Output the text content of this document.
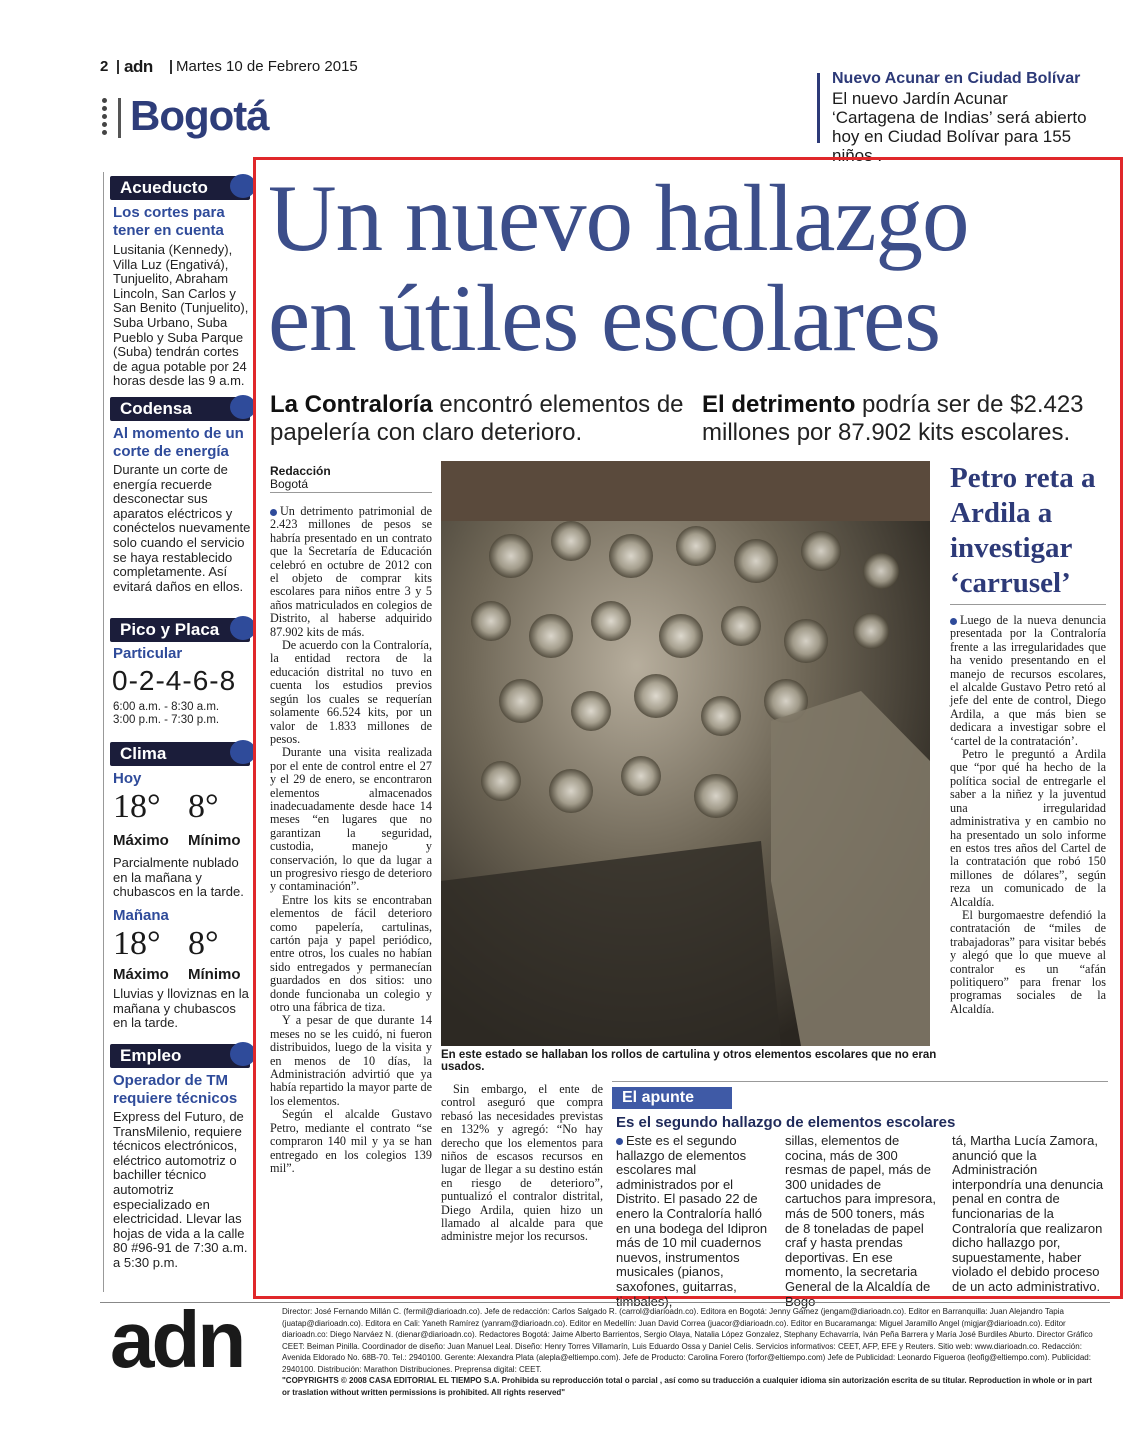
2 adn Martes 10 de Febrero 2015
Bogotá
Nuevo Acunar en Ciudad Bolívar
El nuevo Jardín Acunar ‘Cartagena de Indias’ será abierto hoy en Ciudad Bolívar para 155 niños .
Acueducto
Los cortes para tener en cuenta
Lusitania (Kennedy), Villa Luz (Engativá), Tunjuelito, Abraham Lincoln, San Carlos y San Benito (Tunjuelito), Suba Urbano, Suba Pueblo y Suba Parque (Suba) tendrán cortes de agua potable por 24 horas desde las 9 a.m.
Codensa
Al momento de un corte de energía
Durante un corte de energía recuerde desconectar sus aparatos eléctricos y conéctelos nuevamente solo cuando el servicio se haya restablecido completamente. Así evitará daños en ellos.
Pico y Placa
Particular
0-2-4-6-8
6:00 a.m. - 8:30 a.m.
3:00 p.m. - 7:30 p.m.
Clima
Hoy
18° 8°
Máximo Mínimo
Parcialmente nublado en la mañana y chubascos en la tarde.
Mañana
18° 8°
Máximo Mínimo
Lluvias y lloviznas en la mañana y chubascos en la tarde.
Empleo
Operador de TM requiere técnicos
Express del Futuro, de TransMilenio, requiere técnicos electrónicos, eléctrico automotriz o bachiller técnico automotriz especializado en electricidad. Llevar las hojas de vida a la calle 80 #96-91 de 7:30 a.m. a 5:30 p.m.
Un nuevo hallazgo
en útiles escolares
La Contraloría encontró elementos de papelería con claro deterioro.
El detrimento podría ser de $2.423 millones por 87.902 kits escolares.
Redacción
Bogotá

Un detrimento patrimonial de 2.423 millones de pesos se habría presentado en un contrato que la Secretaría de Educación celebró en octubre de 2012 con el objeto de comprar kits escolares para niños entre 3 y 5 años matriculados en colegios de Distrito, al haberse adquirido 87.902 kits de más.

De acuerdo con la Contraloría, la entidad rectora de la educación distrital no tuvo en cuenta los estudios previos según los cuales se requerían solamente 66.524 kits, por un valor de 1.833 millones de pesos.

Durante una visita realizada por el ente de control entre el 27 y el 29 de enero, se encontraron elementos almacenados inadecuadamente desde hace 14 meses “en lugares que no garantizan la seguridad, custodia, manejo y conservación, lo que da lugar a un progresivo riesgo de deterioro y contaminación”.

Entre los kits se encontraban elementos de fácil deterioro como papelería, cartulinas, cartón paja y papel periódico, entre otros, los cuales no habían sido entregados y permanecían guardados en dos sitios: uno donde funcionaba un colegio y otro una fábrica de tiza.

Y a pesar de que durante 14 meses no se les cuidó, ni fueron distribuidos, luego de la visita y en menos de 10 días, la Administración advirtió que ya había repartido la mayor parte de los elementos.

Según el alcalde Gustavo Petro, mediante el contrato “se compraron 140 mil y ya se han entregado en los colegios 139 mil”.

En este estado se hallaban los rollos de cartulina y otros elementos escolares que no eran usados.

Sin embargo, el ente de control aseguró que compra rebasó las necesidades previstas en 132% y agregó: “No hay derecho que los elementos para niños de escasos recursos en lugar de llegar a su destino están en riesgo de deterioro”, puntualizó el contralor distrital, Diego Ardila, quien hizo un llamado al alcalde para que administre mejor los recursos.

Petro reta a Ardila a investigar ‘carrusel’

Luego de la nueva denuncia presentada por la Contraloría frente a las irregularidades que ha venido presentando en el manejo de recursos escolares, el alcalde Gustavo Petro retó al jefe del ente de control, Diego Ardila, a que más bien se dedicara a investigar sobre el ‘cartel de la contratación’.

Petro le preguntó a Ardila que “por qué ha hecho de la política social de entregarle el saber a la niñez y la juventud una irregularidad administrativa y en cambio no ha presentado un solo informe en estos tres años del Cartel de la contratación que robó 150 millones de dólares”, según reza un comunicado de la Alcaldía.

El burgomaestre defendió la contratación de “miles de trabajadoras” para visitar bebés y alegó que lo que mueve al contralor es un “afán politiquero” para frenar los programas sociales de la Alcaldía.

El apunte
Es el segundo hallazgo de elementos escolares
Este es el segundo hallazgo de elementos escolares mal administrados por el Distrito. El pasado 22 de enero la Contraloría halló en una bodega del Idipron más de 10 mil cuadernos nuevos, instrumentos musicales (pianos, saxofones, guitarras,
sillas, elementos de cocina, más de 300 resmas de papel, más de 300 unidades de cartuchos para impresora, más de 500 toners, más de 8 toneladas de papel craf y hasta prendas deportivas. En ese momento, la secretaria General de la Alcaldía de
tá, Martha Lucía Zamora, anunció que la Administración interpondría una denuncia penal en contra de funcionarias de la Contraloría que realizaron dicho hallazgo por, supuestamente, haber violado el debido proceso de un acto administrativo.
adn	Director: José Fernando Millán C. (fermil@diarioadn.co). Jefe de redacción: Carlos Salgado R. (carrol@diarioadn.co). Editora en Bogotá: Jenny Gámez (jengam@diarioadn.co). Editor en Barranquilla: Juan Alejandro Tapia (juatap@diarioadn.co). Editora en Cali: Yaneth Ramírez (yanram@diarioadn.co). Editor en Medellín: Juan David Correa (juacor@diarioadn.co). Editor en Bucaramanga: Miguel Jaramillo Angel (migjar@diarioadn.co). Editor diarioadn.co: Diego Narváez N. (dienar@diarioadn.co). Redactores Bogotá: Jaime Alberto Barrientos, Sergio Olaya, Natalia López Gonzalez, Stephany Echavarría, Iván Peña Barrera y María José Burdiles Aburto. Director Gráfico CEET: Beiman Pinilla. Coordinador de diseño: Juan Manuel Leal. Diseño: Henry Torres Villamarín, Luis Eduardo Ossa y Daniel Celis. Servicios informativos: CEET, AFP, EFE y Reuters. Sitio web: www.diarioadn.co. Redacción: Avenida Eldorado No. 68B-70. Tel.: 2940100. Gerente: Alexandra Plata (alepla@eltiempo.com). Jefe de Producto: Carolina Forero (forfor@eltiempo.com) Jefe de Publicidad: Leonardo Figueroa (leofig@eltiempo.com). Publicidad: 2940100. Distribución: Marathon Distribuciones. Preprensa digital: CEET.
"COPYRIGHTS © 2008 CASA EDITORIAL EL TIEMPO S.A. Prohibida su reproducción total o parcial , así como su traducción a cualquier idioma sin autorización escrita de su titular. Reproduction in whole or in part or traslation without written permissions is prohibited. All rights reserved"
